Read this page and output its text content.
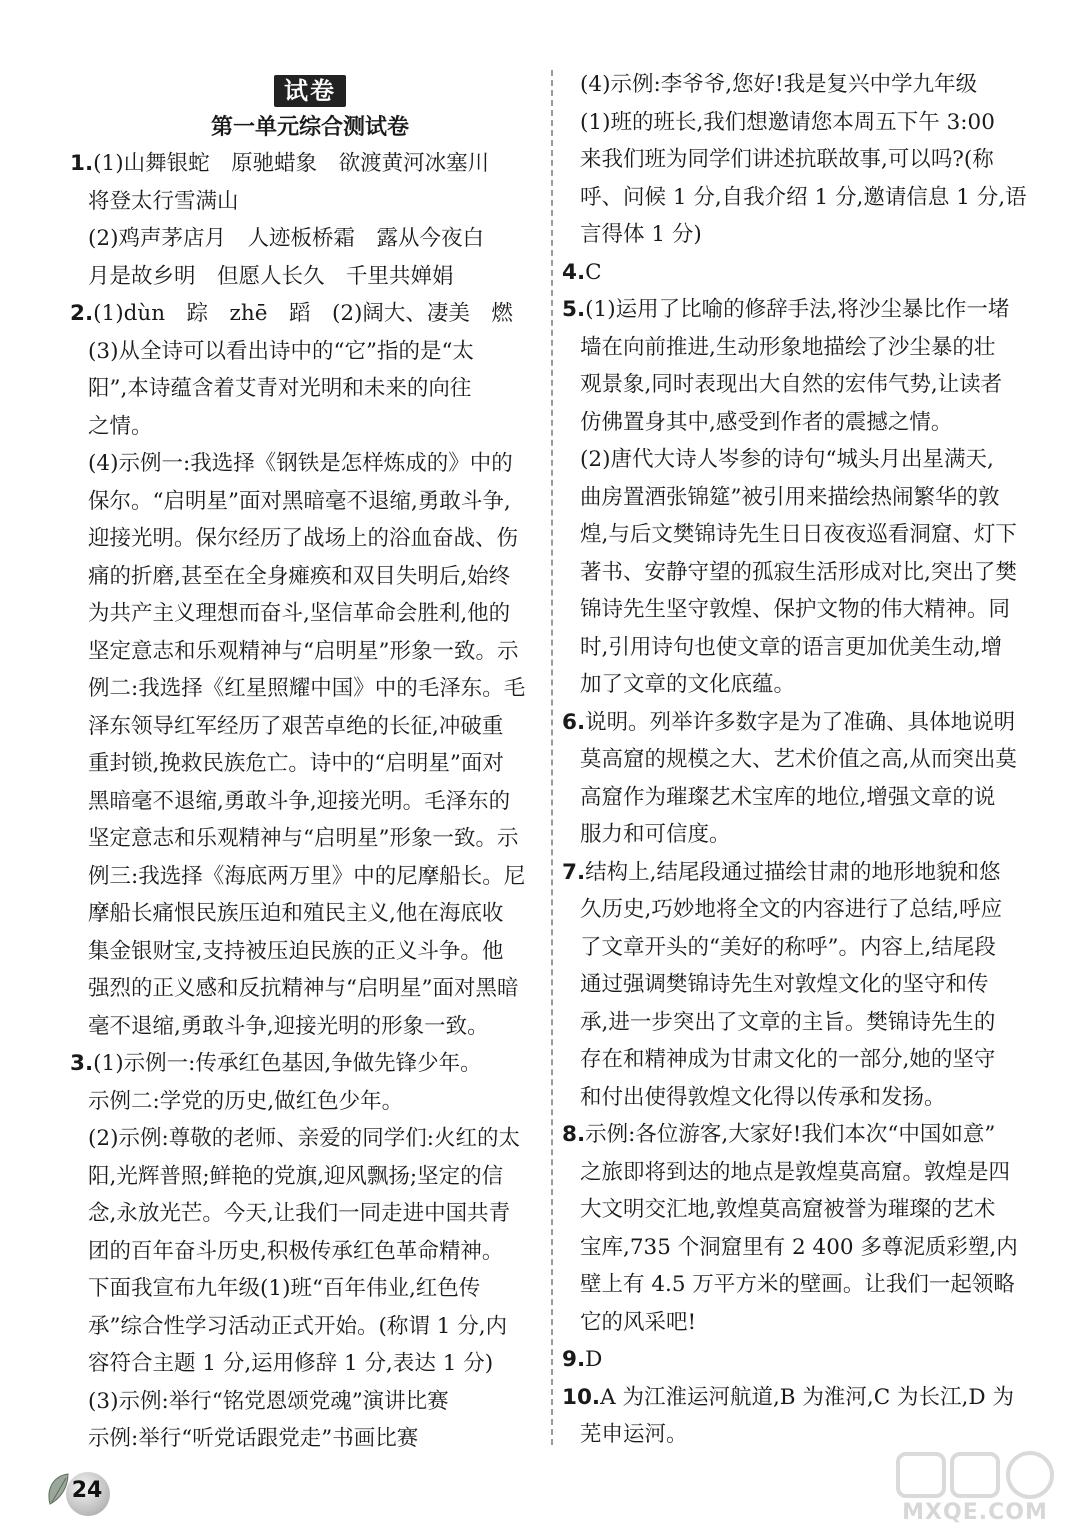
试卷
第一单元综合测试卷
1.(1)山舞银蛇　原驰蜡象　欲渡黄河冰塞川
将登太行雪满山
(2)鸡声茅店月　人迹板桥霜　露从今夜白
月是故乡明　但愿人长久　千里共婵娟
2.(1)dùn　踪　zhē　蹈　(2)阔大、凄美　燃
(3)从全诗可以看出诗中的“它”指的是“太
阳”,本诗蕴含着艾青对光明和未来的向往
之情。
(4)示例一:我选择《钢铁是怎样炼成的》中的
保尔。“启明星”面对黑暗毫不退缩,勇敢斗争,
迎接光明。保尔经历了战场上的浴血奋战、伤
痛的折磨,甚至在全身瘫痪和双目失明后,始终
为共产主义理想而奋斗,坚信革命会胜利,他的
坚定意志和乐观精神与“启明星”形象一致。示
例二:我选择《红星照耀中国》中的毛泽东。毛
泽东领导红军经历了艰苦卓绝的长征,冲破重
重封锁,挽救民族危亡。诗中的“启明星”面对
黑暗毫不退缩,勇敢斗争,迎接光明。毛泽东的
坚定意志和乐观精神与“启明星”形象一致。示
例三:我选择《海底两万里》中的尼摩船长。尼
摩船长痛恨民族压迫和殖民主义,他在海底收
集金银财宝,支持被压迫民族的正义斗争。他
强烈的正义感和反抗精神与“启明星”面对黑暗
毫不退缩,勇敢斗争,迎接光明的形象一致。
3.(1)示例一:传承红色基因,争做先锋少年。
示例二:学党的历史,做红色少年。
(2)示例:尊敬的老师、亲爱的同学们:火红的太
阳,光辉普照;鲜艳的党旗,迎风飘扬;坚定的信
念,永放光芒。今天,让我们一同走进中国共青
团的百年奋斗历史,积极传承红色革命精神。
下面我宣布九年级(1)班“百年伟业,红色传
承”综合性学习活动正式开始。(称谓 1 分,内
容符合主题 1 分,运用修辞 1 分,表达 1 分)
(3)示例:举行“铭党恩颂党魂”演讲比赛
示例:举行“听党话跟党走”书画比赛
(4)示例:李爷爷,您好!我是复兴中学九年级
(1)班的班长,我们想邀请您本周五下午 3:00
来我们班为同学们讲述抗联故事,可以吗?(称
呼、问候 1 分,自我介绍 1 分,邀请信息 1 分,语
言得体 1 分)
4.C
5.(1)运用了比喻的修辞手法,将沙尘暴比作一堵
墙在向前推进,生动形象地描绘了沙尘暴的壮
观景象,同时表现出大自然的宏伟气势,让读者
仿佛置身其中,感受到作者的震撼之情。
(2)唐代大诗人岑参的诗句“城头月出星满天,
曲房置酒张锦筵”被引用来描绘热闹繁华的敦
煌,与后文樊锦诗先生日日夜夜巡看洞窟、灯下
著书、安静守望的孤寂生活形成对比,突出了樊
锦诗先生坚守敦煌、保护文物的伟大精神。同
时,引用诗句也使文章的语言更加优美生动,增
加了文章的文化底蕴。
6.说明。列举许多数字是为了准确、具体地说明
莫高窟的规模之大、艺术价值之高,从而突出莫
高窟作为璀璨艺术宝库的地位,增强文章的说
服力和可信度。
7.结构上,结尾段通过描绘甘肃的地形地貌和悠
久历史,巧妙地将全文的内容进行了总结,呼应
了文章开头的“美好的称呼”。内容上,结尾段
通过强调樊锦诗先生对敦煌文化的坚守和传
承,进一步突出了文章的主旨。樊锦诗先生的
存在和精神成为甘肃文化的一部分,她的坚守
和付出使得敦煌文化得以传承和发扬。
8.示例:各位游客,大家好!我们本次“中国如意”
之旅即将到达的地点是敦煌莫高窟。敦煌是四
大文明交汇地,敦煌莫高窟被誉为璀璨的艺术
宝库,735 个洞窟里有 2 400 多尊泥质彩塑,内
壁上有 4.5 万平方米的壁画。让我们一起领略
它的风采吧!
9.D
10.A 为江淮运河航道,B 为淮河,C 为长江,D 为
芜申运河。
24
MXQE.COM
